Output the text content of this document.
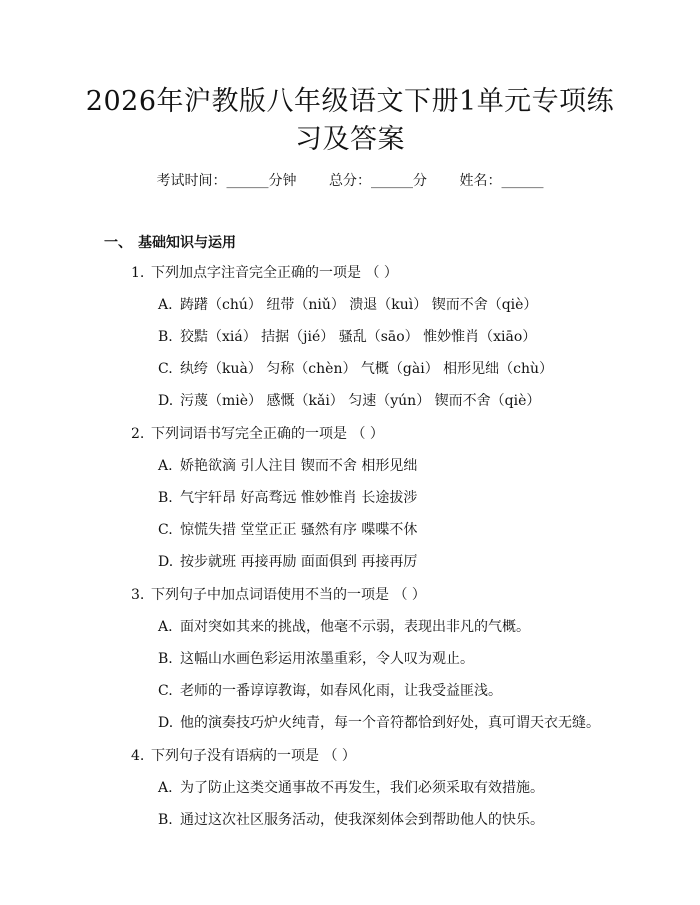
2026年沪教版八年级语文下册1单元专项练
习及答案
考试时间：______分钟 总分：______分 姓名：______
一、 基础知识与运用
1. 下列加点字注音完全正确的一项是 （ ）
A. 踌躇（chú） 纽带（niǔ） 溃退（kuì） 锲而不舍（qiè）
B. 狡黠（xiá） 拮据（jié） 骚乱（sāo） 惟妙惟肖（xiāo）
C. 纨绔（kuà） 匀称（chèn） 气概（gài） 相形见绌（chù）
D. 污蔑（miè） 感慨（kǎi） 匀速（yún） 锲而不舍（qiè）
2. 下列词语书写完全正确的一项是 （ ）
A. 娇艳欲滴 引人注目 锲而不舍 相形见绌
B. 气宇轩昂 好高骛远 惟妙惟肖 长途拔涉
C. 惊慌失措 堂堂正正 骚然有序 喋喋不休
D. 按步就班 再接再励 面面俱到 再接再厉
3. 下列句子中加点词语使用不当的一项是 （ ）
A. 面对突如其来的挑战，他毫不示弱，表现出非凡的气概。
B. 这幅山水画色彩运用浓墨重彩，令人叹为观止。
C. 老师的一番谆谆教诲，如春风化雨，让我受益匪浅。
D. 他的演奏技巧炉火纯青，每一个音符都恰到好处，真可谓天衣无缝。
4. 下列句子没有语病的一项是 （ ）
A. 为了防止这类交通事故不再发生，我们必须采取有效措施。
B. 通过这次社区服务活动，使我深刻体会到帮助他人的快乐。
